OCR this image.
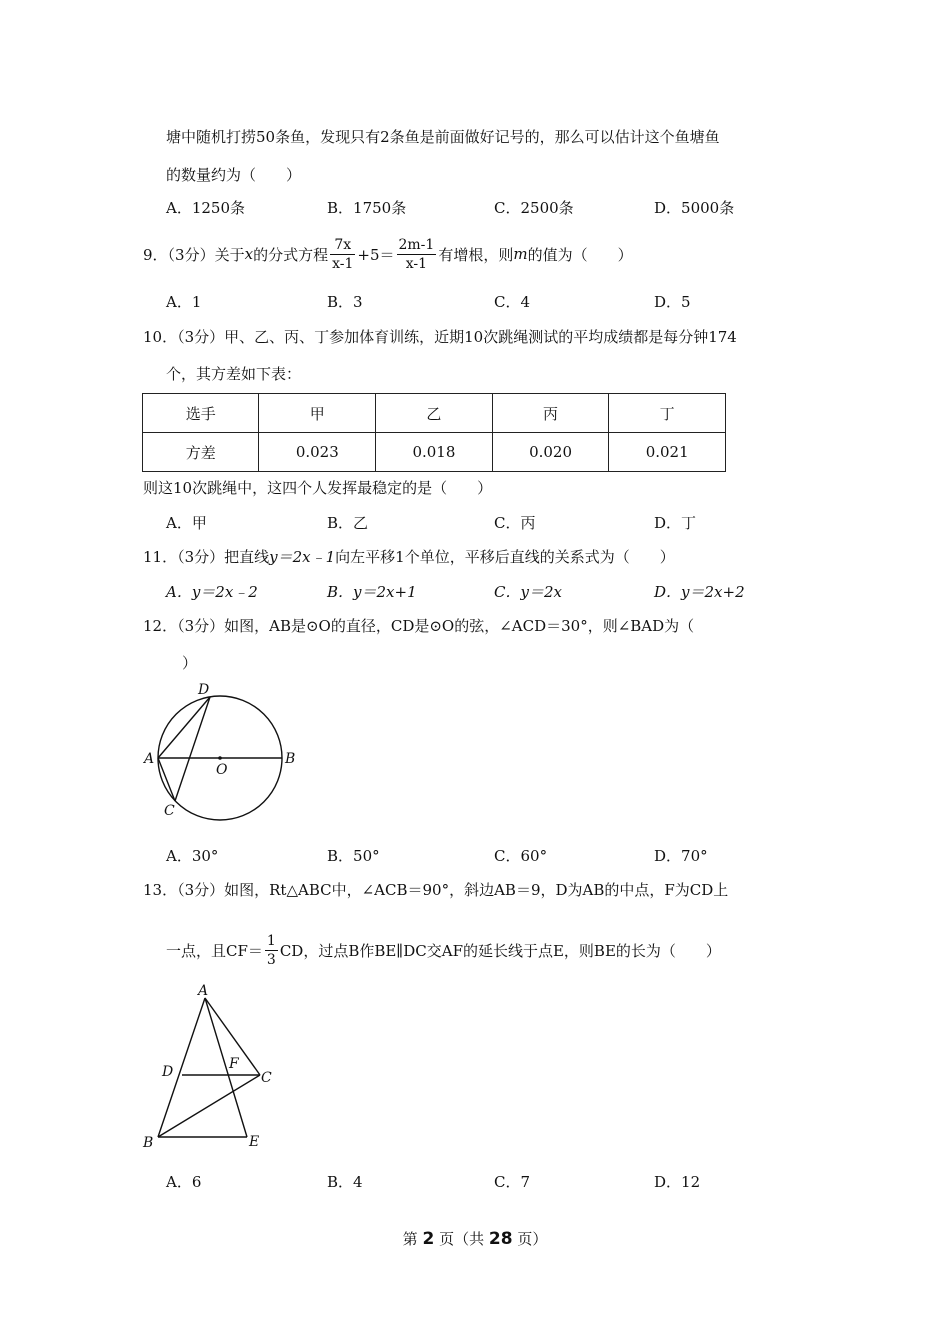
塘中随机打捞50条鱼，发现只有2条鱼是前面做好记号的，那么可以估计这个鱼塘鱼
的数量约为（　　）
A．1250条	B．1750条	C．2500条	D．5000条
9．（3分）关于 x 的分式方程 $\frac{7x}{x-1} +5= \frac{2m-1}{x-1}$ 有增根，则 m 的值为（　　）
A．1	B．3	C．4	D．5
10．（3分）甲、乙、丙、丁参加体育训练，近期10次跳绳测试的平均成绩都是每分钟174
个，其方差如下表：
选手	甲	乙	丙	丁
方差	0.023	0.018	0.020	0.021
则这10次跳绳中，这四个人发挥最稳定的是（　　）
A．甲	B．乙	C．丙	D．丁
11．（3分）把直线y＝2x﹣1向左平移1个单位，平移后直线的关系式为（　　）
A．y＝2x﹣2	B．y＝2x+1	C．y＝2x	D．y＝2x+2
12．（3分）如图，AB是⊙O的直径，CD是⊙O的弦，∠ACD＝30°，则∠BAD为（
）
D
A
O
B
C
A．30°	B．50°	C．60°	D．70°
13．（3分）如图，Rt△ABC中，∠ACB＝90°，斜边AB＝9，D为AB的中点，F为CD上
一点，且$CF= \frac{1}{3}$ CD，过点B作BE∥DC交AF的延长线于点E，则BE的长为（　　）
A
D	F
C
B	E
A．6	B．4	C．7	D．12
第 2 页（共 28 页）
